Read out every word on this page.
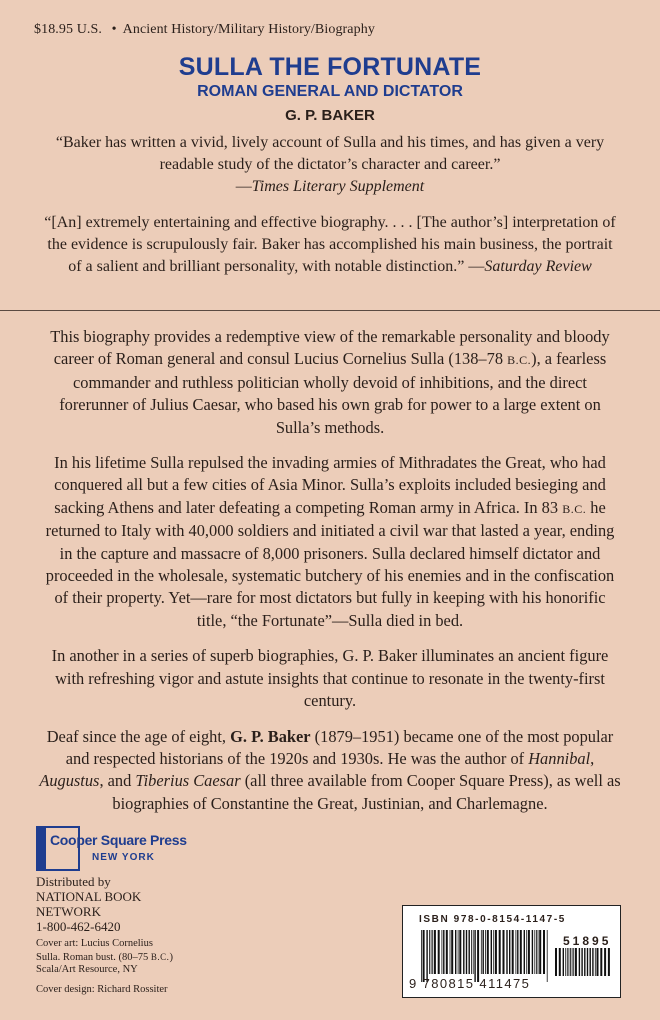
$18.95 U.S. • Ancient History/Military History/Biography
SULLA THE FORTUNATE
ROMAN GENERAL AND DICTATOR
G. P. BAKER

“Baker has written a vivid, lively account of Sulla and his times, and has given a very readable study of the dictator’s character and career.”
—Times Literary Supplement

“[An] extremely entertaining and effective biography. . . . [The author’s] interpretation of the evidence is scrupulously fair. Baker has accomplished his main business, the portrait of a salient and brilliant personality, with notable distinction.” —Saturday Review

This biography provides a redemptive view of the remarkable personality and bloody career of Roman general and consul Lucius Cornelius Sulla (138–78 B.C.), a fearless commander and ruthless politician wholly devoid of inhibitions, and the direct forerunner of Julius Caesar, who based his own grab for power to a large extent on Sulla’s methods.

In his lifetime Sulla repulsed the invading armies of Mithradates the Great, who had conquered all but a few cities of Asia Minor. Sulla’s exploits included besieging and sacking Athens and later defeating a competing Roman army in Africa. In 83 B.C. he returned to Italy with 40,000 soldiers and initiated a civil war that lasted a year, ending in the capture and massacre of 8,000 prisoners. Sulla declared himself dictator and proceeded in the wholesale, systematic butchery of his enemies and in the confiscation of their property. Yet—rare for most dictators but fully in keeping with his honorific title, “the Fortunate”—Sulla died in bed.

In another in a series of superb biographies, G. P. Baker illuminates an ancient figure with refreshing vigor and astute insights that continue to resonate in the twenty-first century.

Deaf since the age of eight, G. P. Baker (1879–1951) became one of the most popular and respected historians of the 1920s and 1930s. He was the author of Hannibal, Augustus, and Tiberius Caesar (all three available from Cooper Square Press), as well as biographies of Constantine the Great, Justinian, and Charlemagne.

Cooper Square Press
NEW YORK
Distributed by
NATIONAL BOOK
NETWORK
1-800-462-6420

Cover art: Lucius Cornelius
Sulla. Roman bust. (80–75 B.C.)
Scala/Art Resource, NY

Cover design: Richard Rossiter

ISBN 978-0-8154-1147-5
51895
9 780815 411475
